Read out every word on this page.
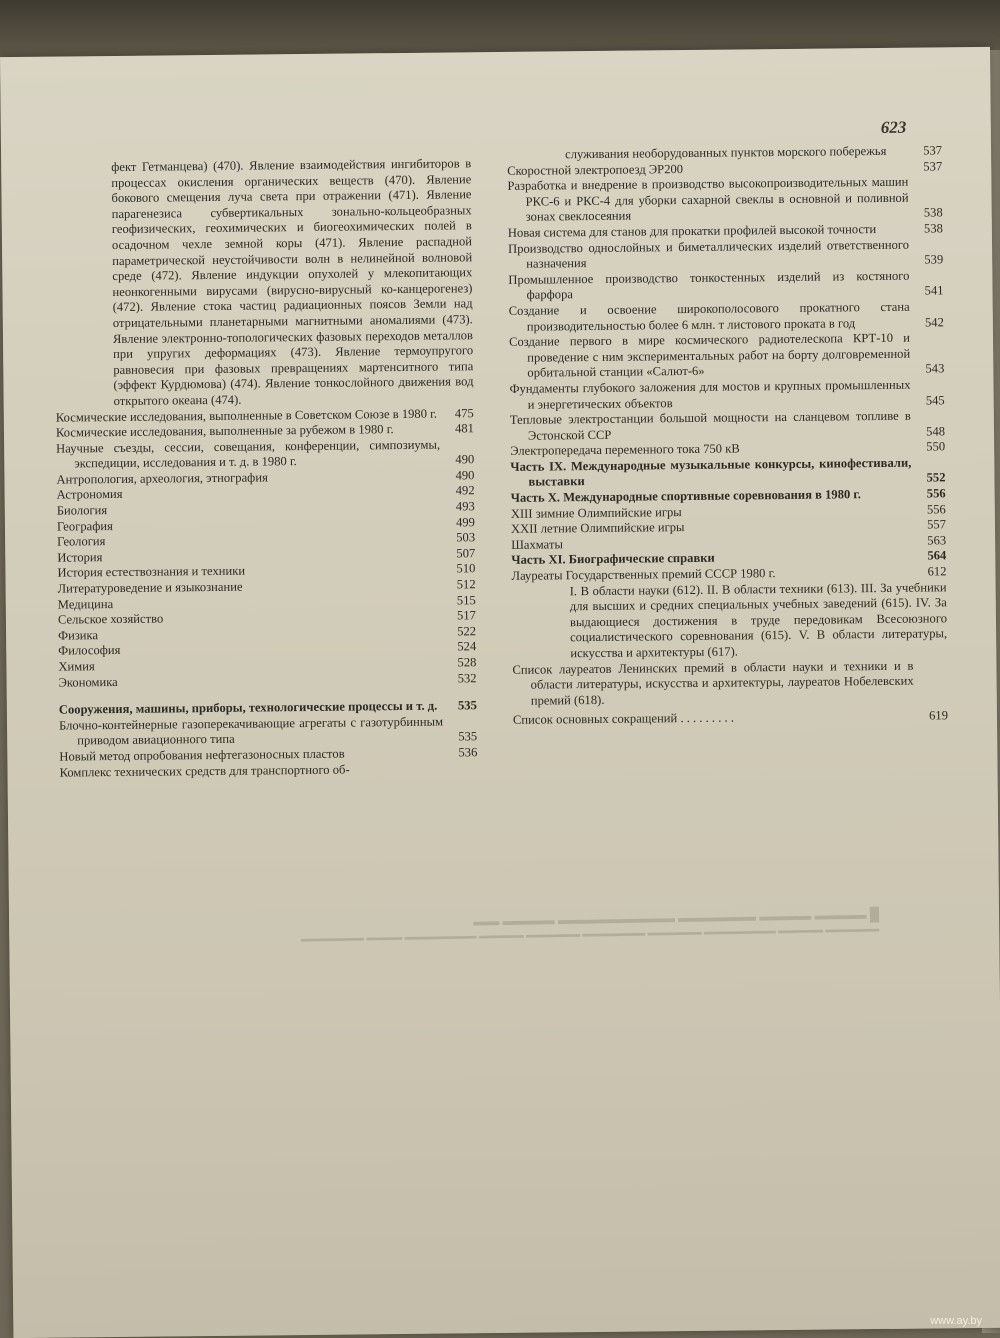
623
фект Гетманцева) (470). Явление взаимодействия ингибиторов в процессах окисления органических веществ (470). Явление бокового смещения луча света при отражении (471). Явление парагенезиса субвертикальных зонально-кольцеобразных геофизических, геохимических и биогеохимических полей в осадочном чехле земной коры (471). Явление распадной параметрической неустойчивости волн в нелинейной волновой среде (472). Явление индукции опухолей у млекопитающих неонкогенными вирусами (вирусно-вирусный ко-канцерогенез) (472). Явление стока частиц радиационных поясов Земли над отрицательными планетарными магнитными аномалиями (473). Явление электронно-топологических фазовых переходов металлов при упругих деформациях (473). Явление термоупругого равновесия при фазовых превращениях мартенситного типа (эффект Курдюмова) (474). Явление тонкослойного движения вод открытого океана (474).
Космические исследования, выполненные в Советском Союзе в 1980 г. 475
Космические исследования, выполненные за рубежом в 1980 г.	481
Научные съезды, сессии, совещания, конференции, симпозиумы, экспедиции, исследования и т. д. в 1980 г.	490
Антропология, археология, этнография	490
Астрономия	492
Биология	493
География	499
Геология	503
История	507
История естествознания и техники	510
Литературоведение и языкознание	512
Медицина	515
Сельское хозяйство	517
Физика	522
Философия	524
Химия	528
Экономика	532
Сооружения, машины, приборы, технологические процессы и т. д.	535
Блочно-контейнерные газоперекачивающие агрегаты с газотурбинным приводом авиационного типа	535
Новый метод опробования нефтегазоносных пластов	536
Комплекс технических средств для транспортного об-
служивания необорудованных пунктов морского побережья	537
Скоростной электропоезд ЭР200	537
Разработка и внедрение в производство высокопроизводительных машин РКС-6 и РКС-4 для уборки сахарной свеклы в основной и поливной зонах свеклосеяния	538
Новая система для станов для прокатки профилей высокой точности	538
Производство однослойных и биметаллических изделий ответственного назначения	539
Промышленное производство тонкостенных изделий из костяного фарфора	541
Создание и освоение широкополосового прокатного стана производительностью более 6 млн. т листового проката в год	542
Создание первого в мире космического радиотелескопа КРТ-10 и проведение с ним экспериментальных работ на борту долговременной орбитальной станции «Салют-6»	543
Фундаменты глубокого заложения для мостов и крупных промышленных и энергетических объектов	545
Тепловые электростанции большой мощности на сланцевом топливе в Эстонской ССР	548
Электропередача переменного тока 750 кВ	550
Часть IX. Международные музыкальные конкурсы, кинофестивали, выставки	552
Часть X. Международные спортивные соревнования в 1980 г.	556
XIII зимние Олимпийские игры	556
XXII летние Олимпийские игры	557
Шахматы	563
Часть XI. Биографические справки	564
Лауреаты Государственных премий СССР 1980 г.	612
I. В области науки (612). II. В области техники (613). III. За учебники для высших и средних специальных учебных заведений (615). IV. За выдающиеся достижения в труде передовикам Всесоюзного социалистического соревнования (615). V. В области литературы, искусства и архитектуры (617).
Список лауреатов Ленинских премий в области науки и техники и в области литературы, искусства и архитектуры, лауреатов Нобелевских премий (618).
Список основных сокращений . . . . . . . . .	619
█ ▬▬▬▬ ▬▬▬▬ ▬▬▬▬▬▬ ▬▬▬▬▬▬▬▬▬ ▬▬▬▬ ▬▬
▬▬▬▬▬▬ ▬▬▬▬▬ ▬▬▬▬▬▬▬▬ ▬▬▬▬▬▬ ▬▬▬▬▬▬▬ ▬▬▬▬▬▬ ▬▬▬▬▬ ▬▬▬▬▬▬▬▬ ▬▬▬▬ ▬▬▬▬▬▬▬
www.ay.by
